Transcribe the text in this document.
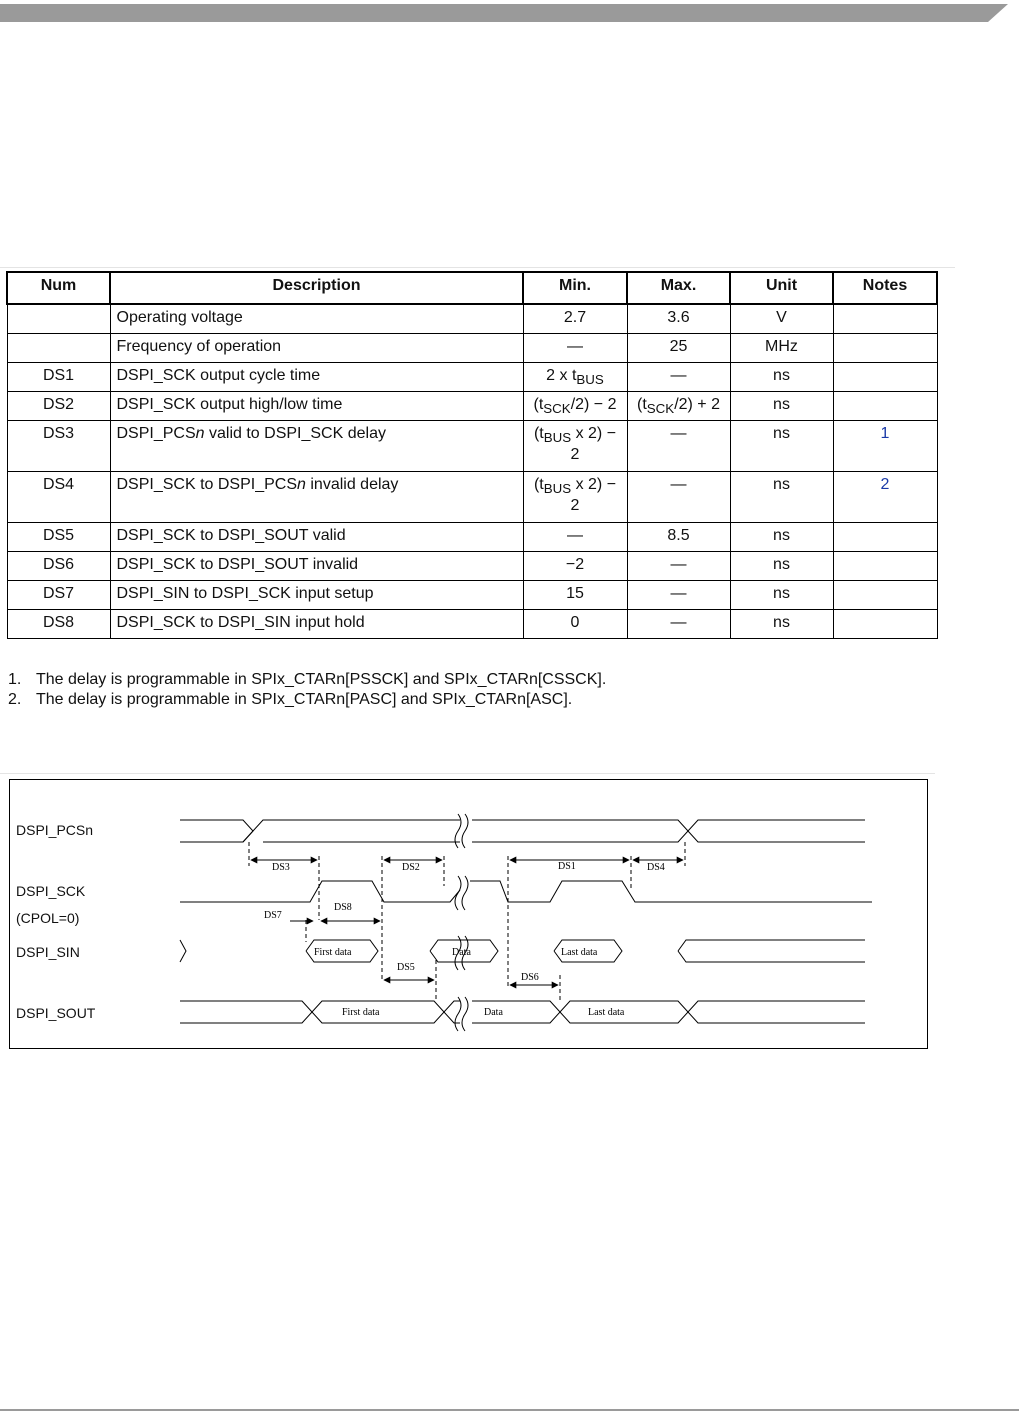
Num	Description	Min.	Max.	Unit	Notes
	Operating voltage	2.7	3.6	V	
	Frequency of operation	—	25	MHz	
DS1	DSPI_SCK output cycle time	2 x $t_{BUS}$	—	ns	
DS2	DSPI_SCK output high/low time	$(t_{SCK}/2) - 2$	$(t_{SCK}/2) + 2$	ns	
DS3	DSPI_PCSn valid to DSPI_SCK delay	($t_{BUS}$ x 2) −
2	—	ns	1
DS4	DSPI_SCK to DSPI_PCSn invalid delay	($t_{BUS}$ x 2) −
2	—	ns	2
DS5	DSPI_SCK to DSPI_SOUT valid	—	8.5	ns	
DS6	DSPI_SCK to DSPI_SOUT invalid	−2	—	ns	
DS7	DSPI_SIN to DSPI_SCK input setup	15	—	ns	
DS8	DSPI_SCK to DSPI_SIN input hold	0	—	ns	
1. The delay is programmable in SPIx_CTARn[PSSCK] and SPIx_CTARn[CSSCK].
2. The delay is programmable in SPIx_CTARn[PASC] and SPIx_CTARn[ASC].
DSPI_PCSn
DSPI_SCK
(CPOL=0)
DSPI_SIN
DSPI_SOUT
DS3	DS2	DS1	DS4
DS7
DS8
DS5
DS6
First data	Data	Last data
First data	Data	Last data
